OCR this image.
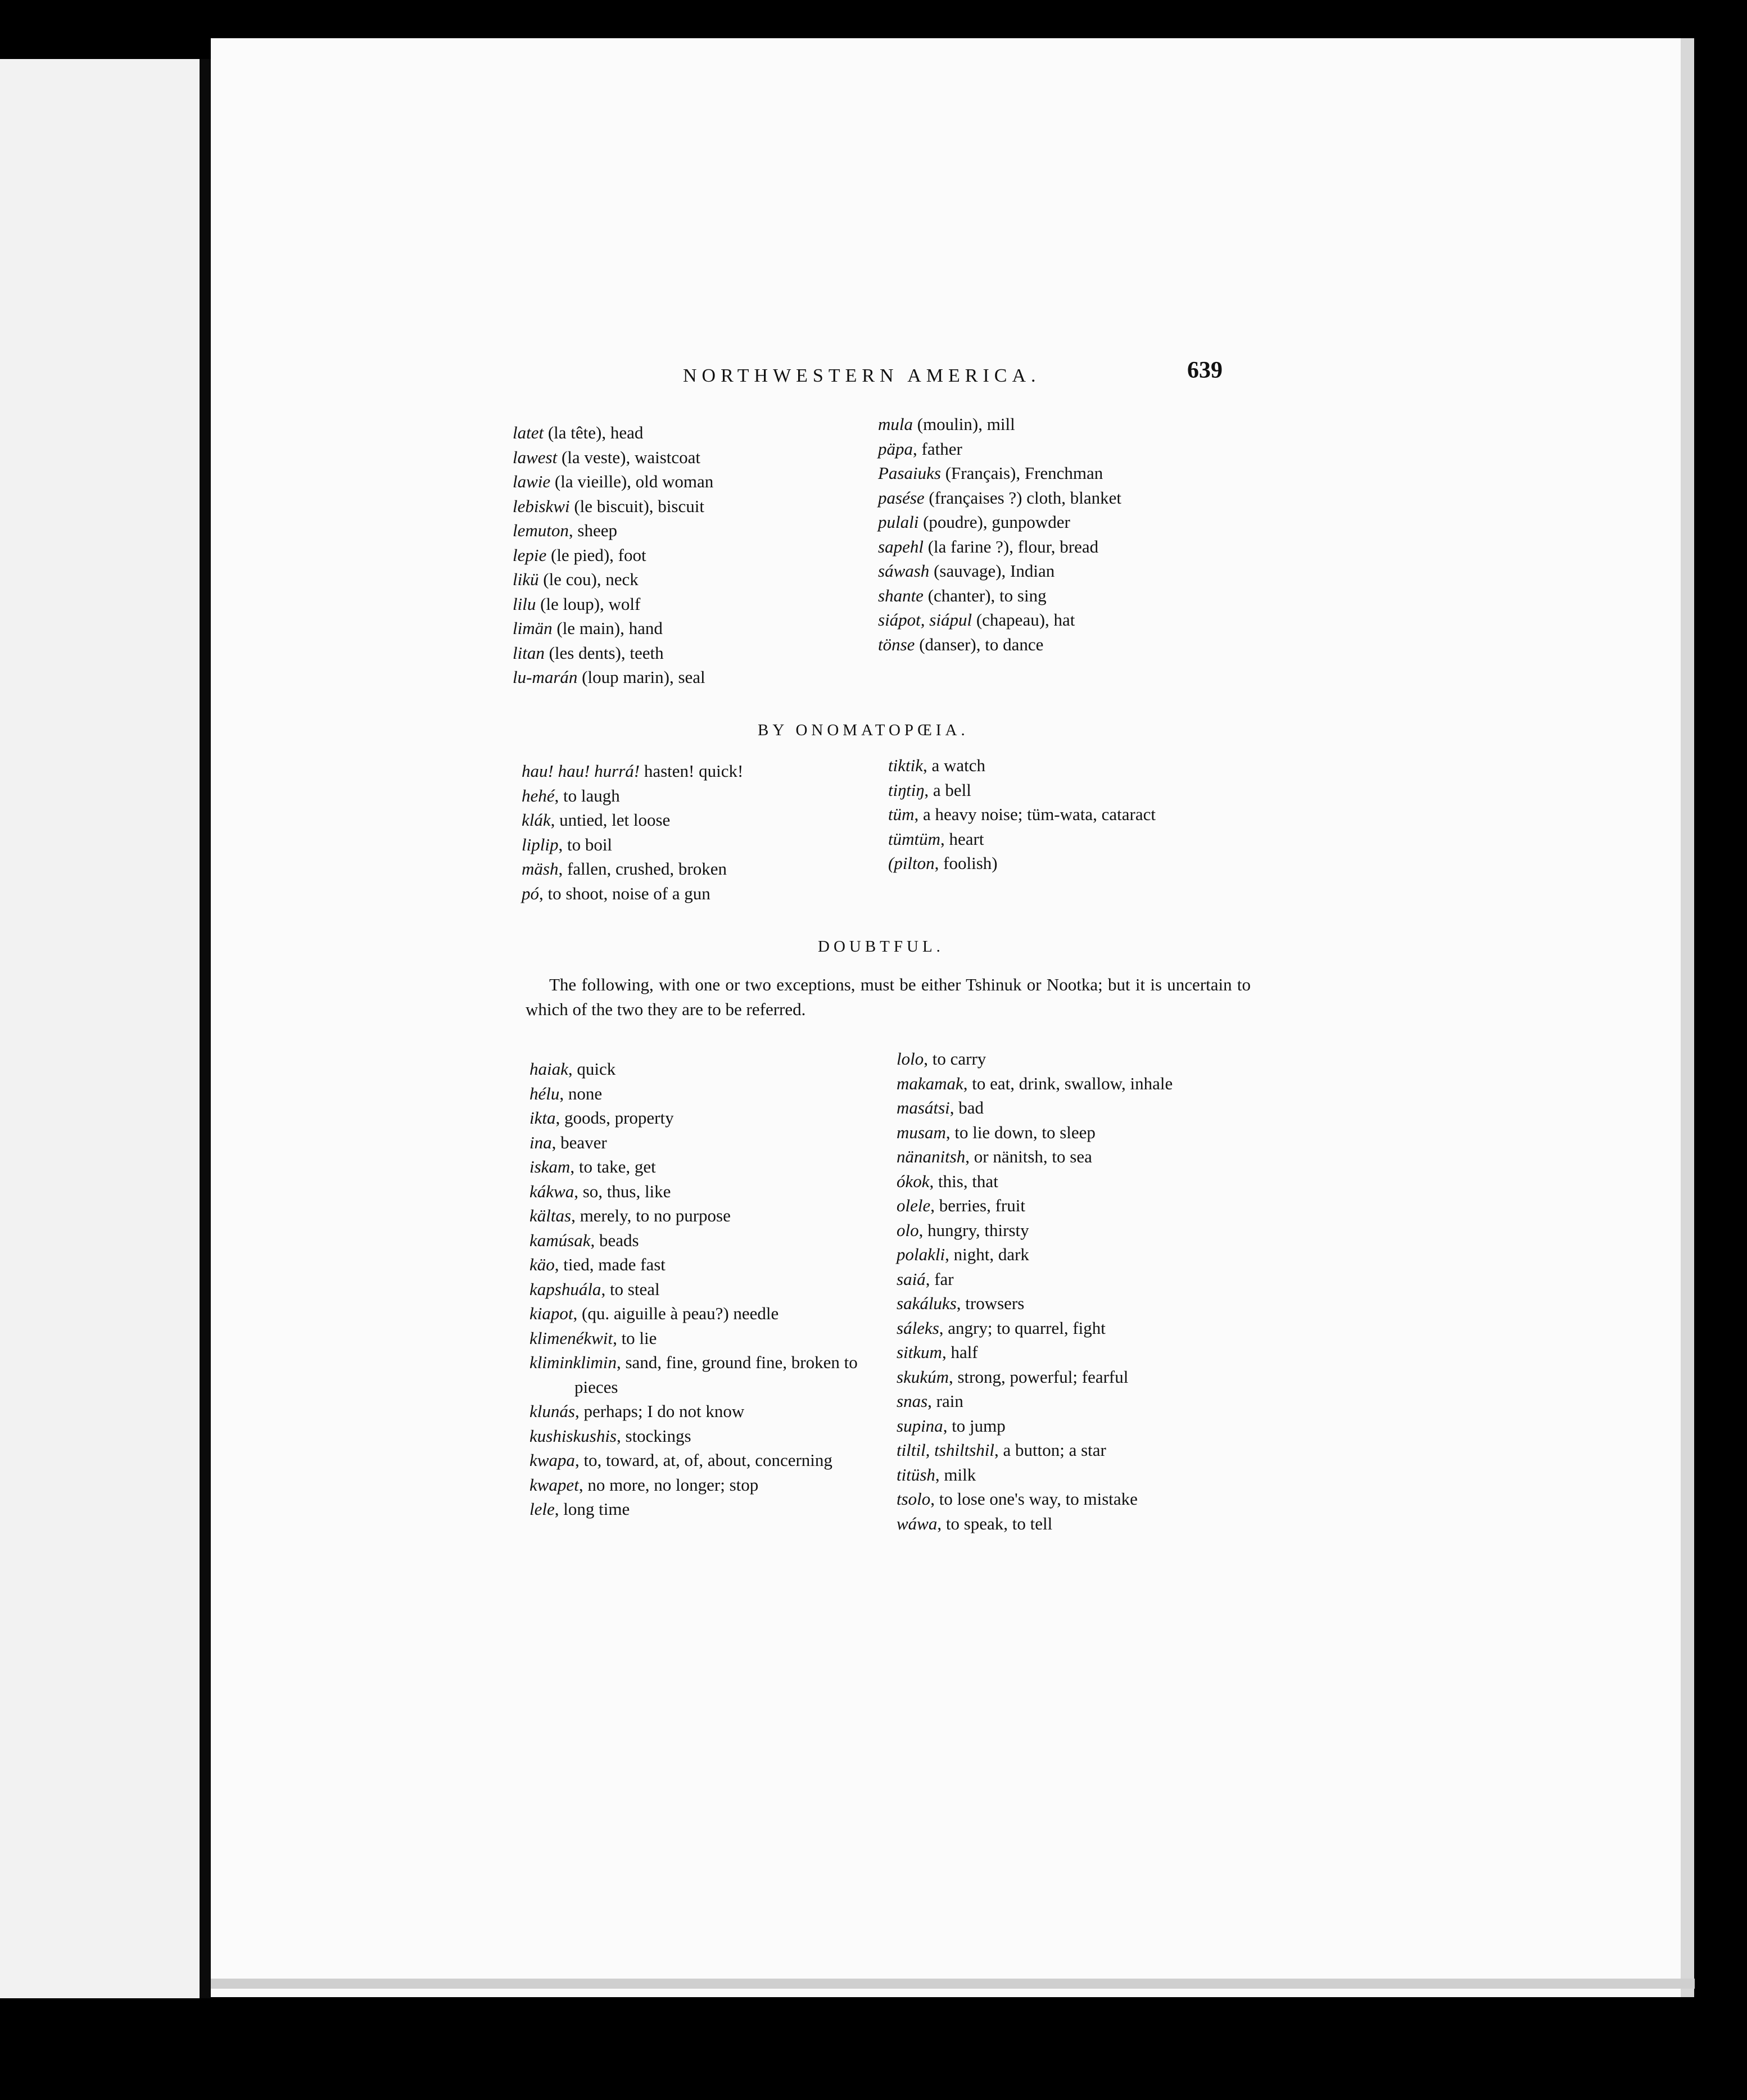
NORTHWESTERN AMERICA.	639
latet (la tête), head
lawest (la veste), waistcoat
lawie (la vieille), old woman
lebiskwi (le biscuit), biscuit
lemuton, sheep
lepie (le pied), foot
likü (le cou), neck
lilu (le loup), wolf
limän (le main), hand
litan (les dents), teeth
lu-marán (loup marin), seal
mula (moulin), mill
päpa, father
Pasaiuks (Français), Frenchman
pasése (françaises ?) cloth, blanket
pulali (poudre), gunpowder
sapehl (la farine ?), flour, bread
sáwash (sauvage), Indian
shante (chanter), to sing
siápot, siápul (chapeau), hat
tönse (danser), to dance
BY ONOMATOPŒIA.
hau! hau! hurrá! hasten! quick!
hehé, to laugh
klák, untied, let loose
liplip, to boil
mäsh, fallen, crushed, broken
pó, to shoot, noise of a gun
tiktik, a watch
tiŋtiŋ, a bell
tüm, a heavy noise; tüm-wata, cataract
tümtüm, heart
(pilton, foolish)
DOUBTFUL.
The following, with one or two exceptions, must be either Tshinuk or Nootka; but it is uncertain to which of the two they are to be referred.
haiak, quick
hélu, none
ikta, goods, property
ina, beaver
iskam, to take, get
kákwa, so, thus, like
kältas, merely, to no purpose
kamúsak, beads
käo, tied, made fast
kapshuála, to steal
kiapot, (qu. aiguille à peau?) needle
klimenékwit, to lie
kliminklimin, sand, fine, ground fine, broken to pieces
klunás, perhaps; I do not know
kushiskushis, stockings
kwapa, to, toward, at, of, about, concerning
kwapet, no more, no longer; stop
lele, long time
lolo, to carry
makamak, to eat, drink, swallow, inhale
masátsi, bad
musam, to lie down, to sleep
nänanitsh, or nänitsh, to sea
ókok, this, that
olele, berries, fruit
olo, hungry, thirsty
polakli, night, dark
saiá, far
sakáluks, trowsers
sáleks, angry; to quarrel, fight
sitkum, half
skukúm, strong, powerful; fearful
snas, rain
supina, to jump
tiltil, tshiltshil, a button; a star
titüsh, milk
tsolo, to lose one's way, to mistake
wáwa, to speak, to tell
